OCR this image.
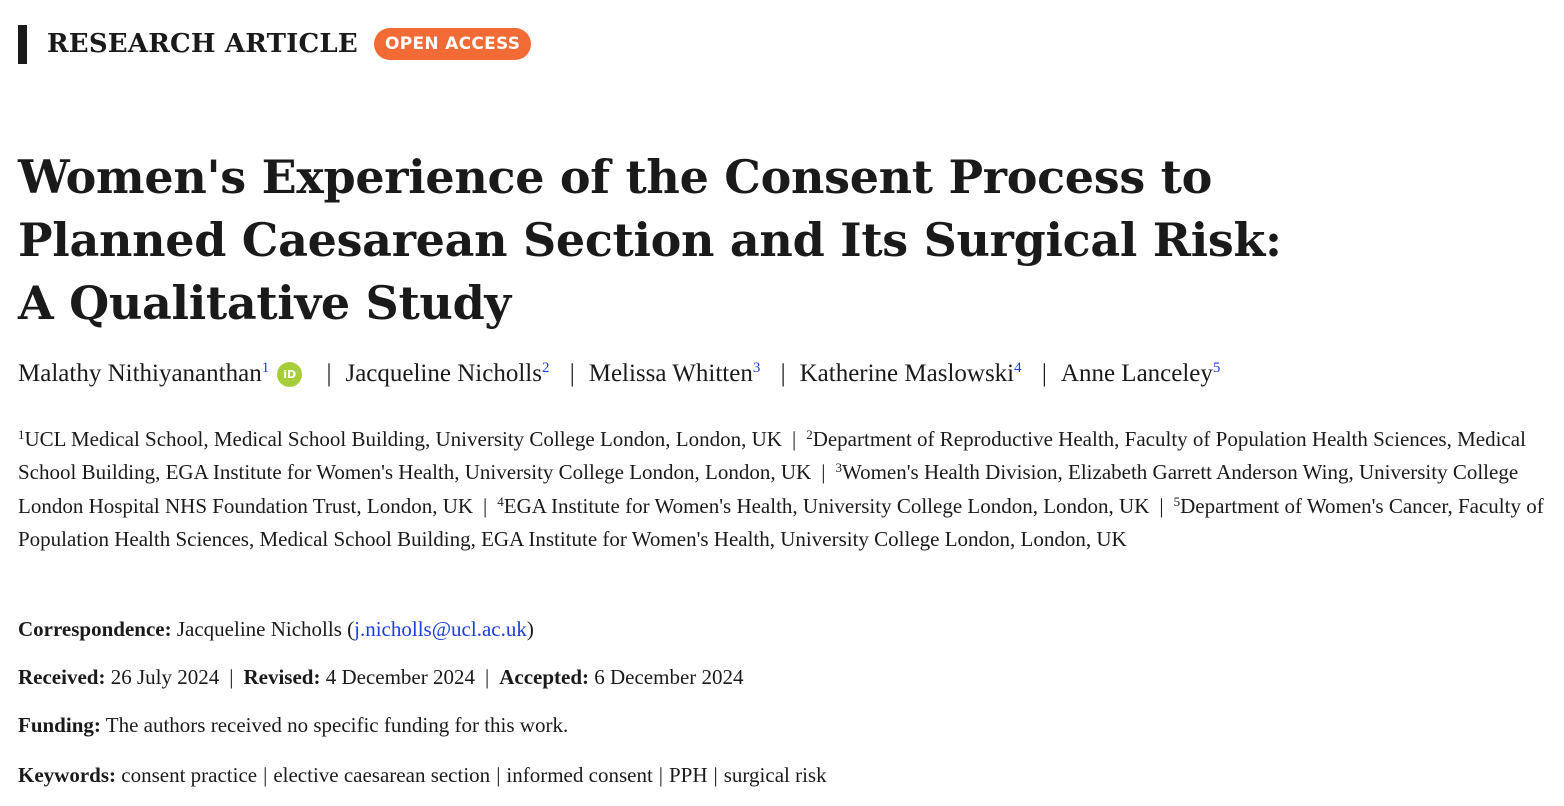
RESEARCH ARTICLE	OPEN ACCESS
Women's Experience of the Consent Process to
Planned Caesarean Section and Its Surgical Risk:
A Qualitative Study
Malathy Nithiyananthan$^1$ iD | Jacqueline Nicholls$^2$ | Melissa Whitten$^3$ | Katherine Maslowski$^4$ | Anne Lanceley$^5$
$^1$UCL Medical School, Medical School Building, University College London, London, UK | $^2$Department of Reproductive Health, Faculty of Population Health Sciences, Medical School Building, EGA Institute for Women's Health, University College London, London, UK | $^3$Women's Health Division, Elizabeth Garrett Anderson Wing, University College London Hospital NHS Foundation Trust, London, UK | $^4$EGA Institute for Women's Health, University College London, London, UK | $^5$Department of Women's Cancer, Faculty of Population Health Sciences, Medical School Building, EGA Institute for Women's Health, University College London, London, UK
Correspondence: Jacqueline Nicholls (j.nicholls@ucl.ac.uk)
Received: 26 July 2024 | Revised: 4 December 2024 | Accepted: 6 December 2024
Funding: The authors received no specific funding for this work.
Keywords: consent practice | elective caesarean section | informed consent | PPH | surgical risk
